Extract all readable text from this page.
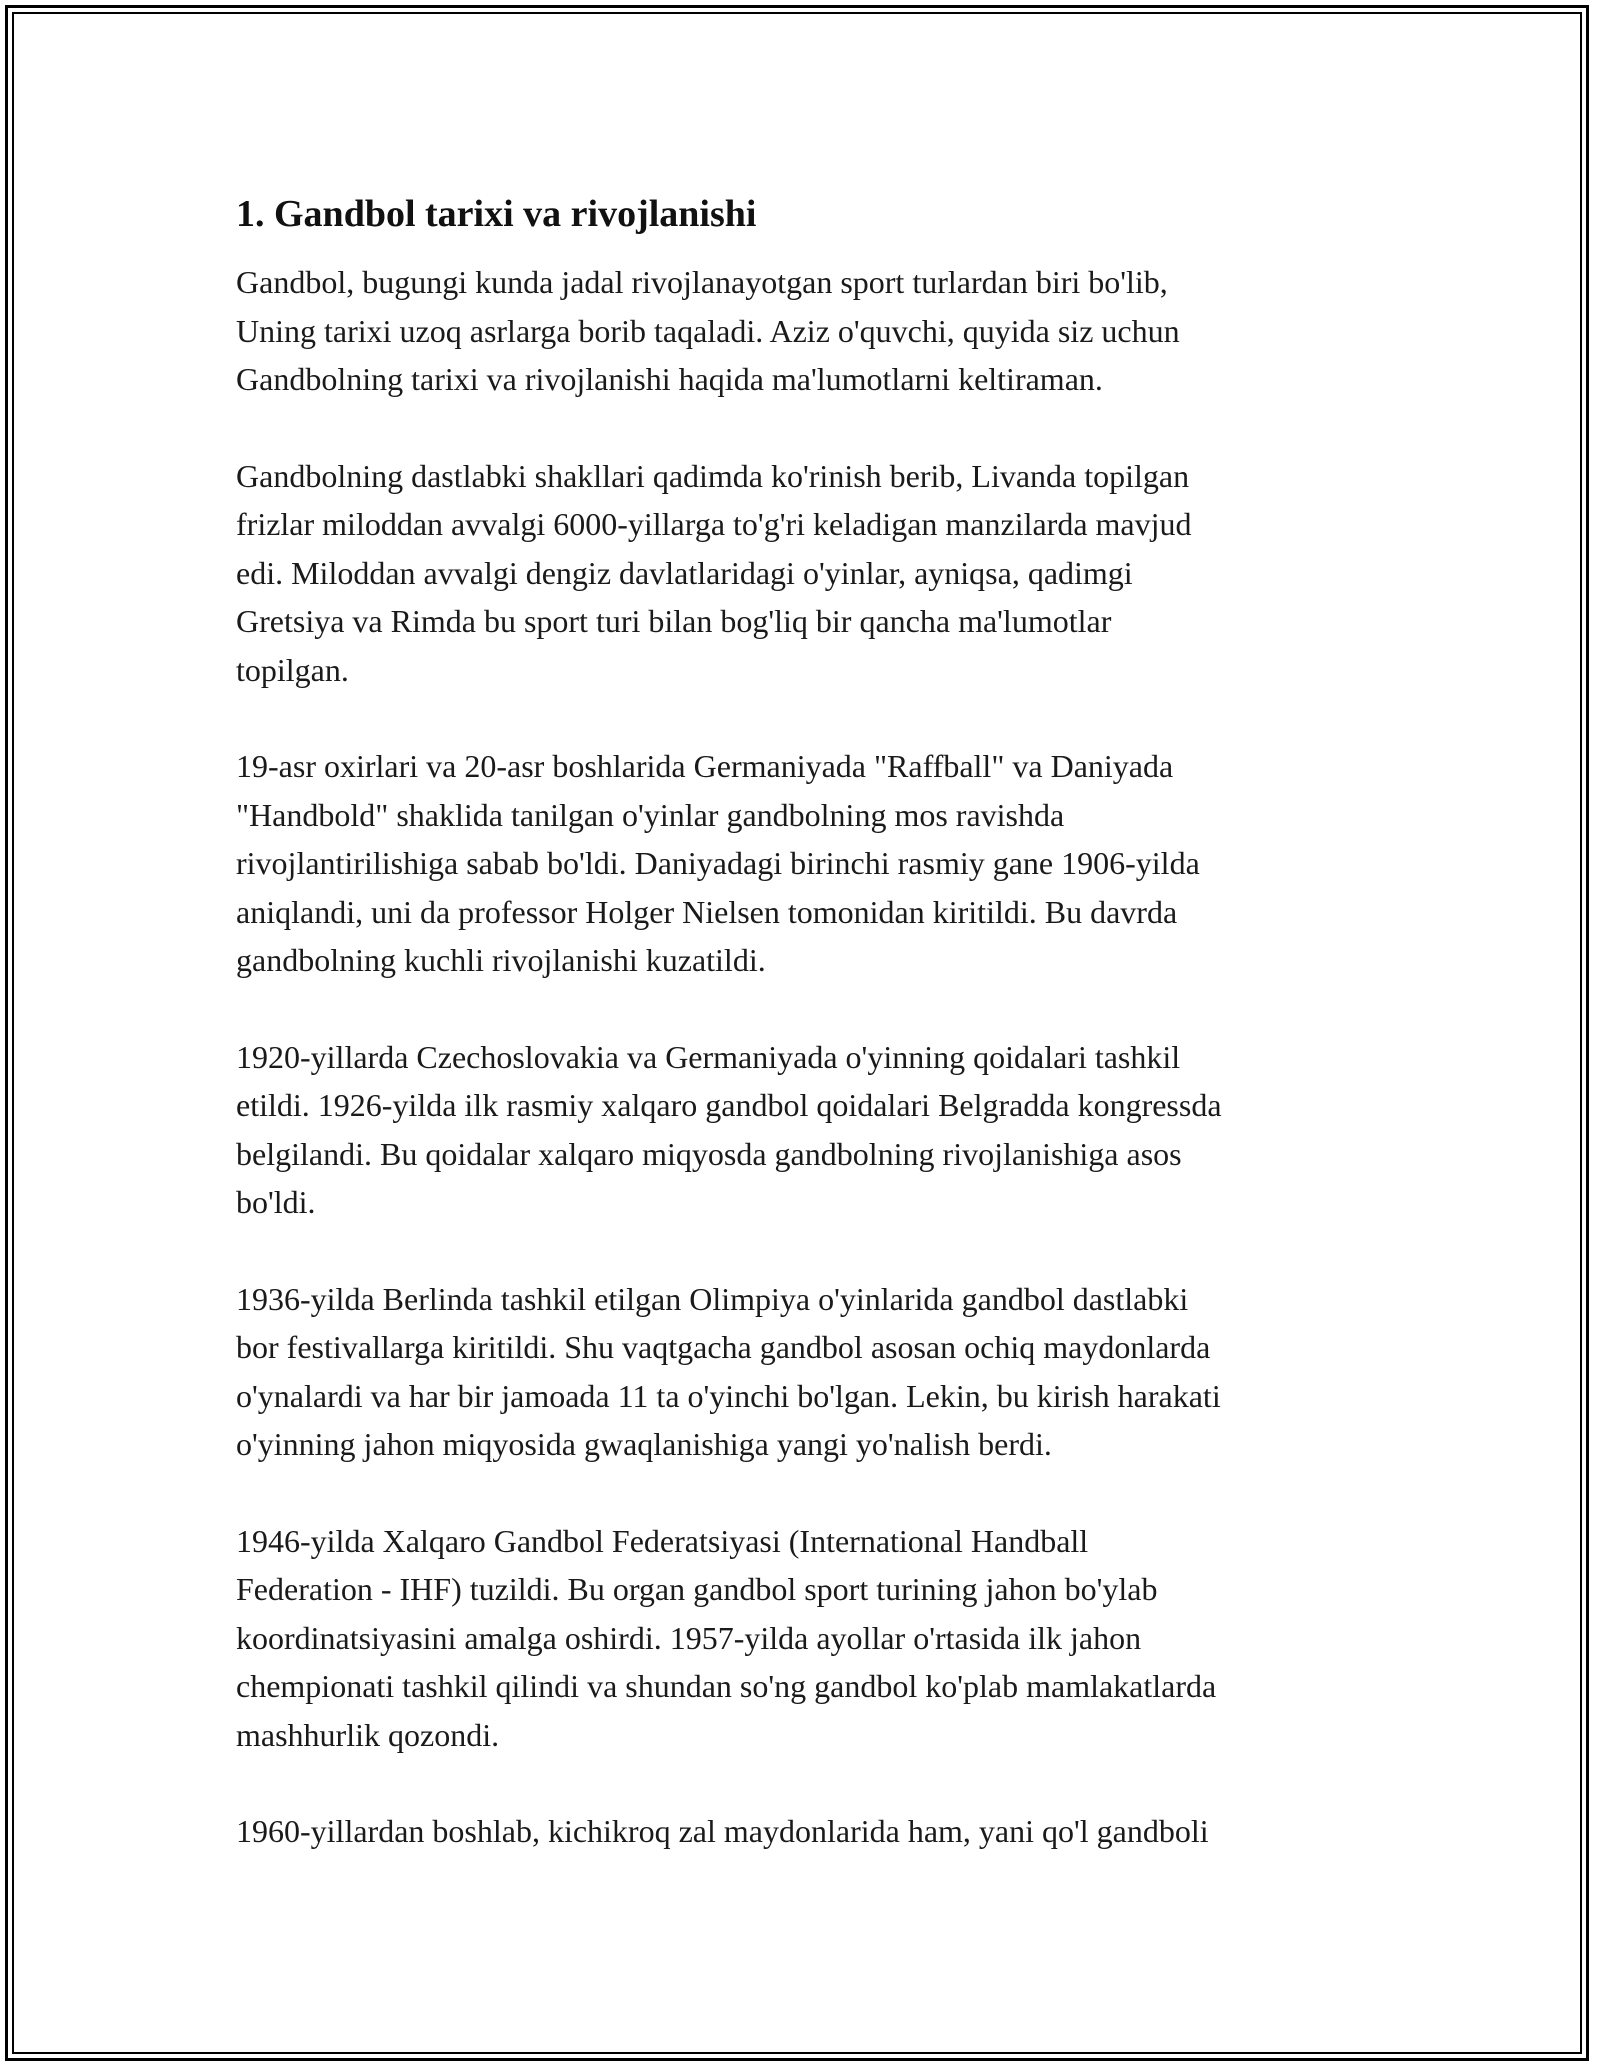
1. Gandbol tarixi va rivojlanishi

Gandbol, bugungi kunda jadal rivojlanayotgan sport turlardan biri bo'lib,
Uning tarixi uzoq asrlarga borib taqaladi. Aziz o'quvchi, quyida siz uchun
Gandbolning tarixi va rivojlanishi haqida ma'lumotlarni keltiraman.

Gandbolning dastlabki shakllari qadimda ko'rinish berib, Livanda topilgan
frizlar miloddan avvalgi 6000-yillarga to'g'ri keladigan manzilarda mavjud
edi. Miloddan avvalgi dengiz davlatlaridagi o'yinlar, ayniqsa, qadimgi
Gretsiya va Rimda bu sport turi bilan bog'liq bir qancha ma'lumotlar
topilgan.

19-asr oxirlari va 20-asr boshlarida Germaniyada "Raffball" va Daniyada
"Handbold" shaklida tanilgan o'yinlar gandbolning mos ravishda
rivojlantirilishiga sabab bo'ldi. Daniyadagi birinchi rasmiy gane 1906-yilda
aniqlandi, uni da professor Holger Nielsen tomonidan kiritildi. Bu davrda
gandbolning kuchli rivojlanishi kuzatildi.

1920-yillarda Czechoslovakia va Germaniyada o'yinning qoidalari tashkil
etildi. 1926-yilda ilk rasmiy xalqaro gandbol qoidalari Belgradda kongressda
belgilandi. Bu qoidalar xalqaro miqyosda gandbolning rivojlanishiga asos
bo'ldi.

1936-yilda Berlinda tashkil etilgan Olimpiya o'yinlarida gandbol dastlabki
bor festivallarga kiritildi. Shu vaqtgacha gandbol asosan ochiq maydonlarda
o'ynalardi va har bir jamoada 11 ta o'yinchi bo'lgan. Lekin, bu kirish harakati
o'yinning jahon miqyosida gwaqlanishiga yangi yo'nalish berdi.

1946-yilda Xalqaro Gandbol Federatsiyasi (International Handball
Federation - IHF) tuzildi. Bu organ gandbol sport turining jahon bo'ylab
koordinatsiyasini amalga oshirdi. 1957-yilda ayollar o'rtasida ilk jahon
chempionati tashkil qilindi va shundan so'ng gandbol ko'plab mamlakatlarda
mashhurlik qozondi.

1960-yillardan boshlab, kichikroq zal maydonlarida ham, yani qo'l gandboli
